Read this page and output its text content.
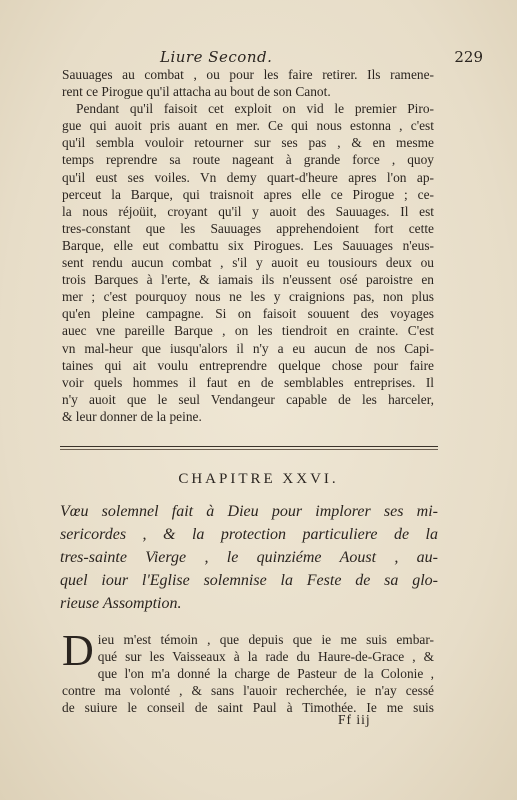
Liure Second.	229

Sauuages au combat , ou pour les faire retirer. Ils ramene-
rent ce Pirogue qu'il attacha au bout de son Canot.

Pendant qu'il faisoit cet exploit on vid le premier Piro-
gue qui auoit pris auant en mer. Ce qui nous estonna , c'est
qu'il sembla vouloir retourner sur ses pas , & en mesme
temps reprendre sa route nageant à grande force , quoy
qu'il eust ses voiles. Vn demy quart-d'heure apres l'on ap-
perceut la Barque, qui traisnoit apres elle ce Pirogue ; ce-
la nous réjoüit, croyant qu'il y auoit des Sauuages. Il est
tres-constant que les Sauuages apprehendoient fort cette
Barque, elle eut combattu six Pirogues. Les Sauuages n'eus-
sent rendu aucun combat , s'il y auoit eu tousiours deux ou
trois Barques à l'erte, & iamais ils n'eussent osé paroistre en
mer ; c'est pourquoy nous ne les y craignions pas, non plus
qu'en pleine campagne. Si on faisoit souuent des voyages
auec vne pareille Barque , on les tiendroit en crainte. C'est
vn mal-heur que iusqu'alors il n'y a eu aucun de nos Capi-
taines qui ait voulu entreprendre quelque chose pour faire
voir quels hommes il faut en de semblables entreprises. Il
n'y auoit que le seul Vendangeur capable de les harceler,
& leur donner de la peine.

CHAPITRE XXVI.
Vœu solemnel fait à Dieu pour implorer ses mi-
sericordes , & la protection particuliere de la
tres-sainte Vierge , le quinziéme Aoust , au-
quel iour l'Eglise solemnise la Feste de sa glo-
rieuse Assomption.
D ieu m'est témoin , que depuis que ie me suis embar-
qué sur les Vaisseaux à la rade du Haure-de-Grace , &
que l'on m'a donné la charge de Pasteur de la Colonie ,
contre ma volonté , & sans l'auoir recherchée, ie n'ay cessé
de suiure le conseil de saint Paul à Timothée. Ie me suis
Ff iij
